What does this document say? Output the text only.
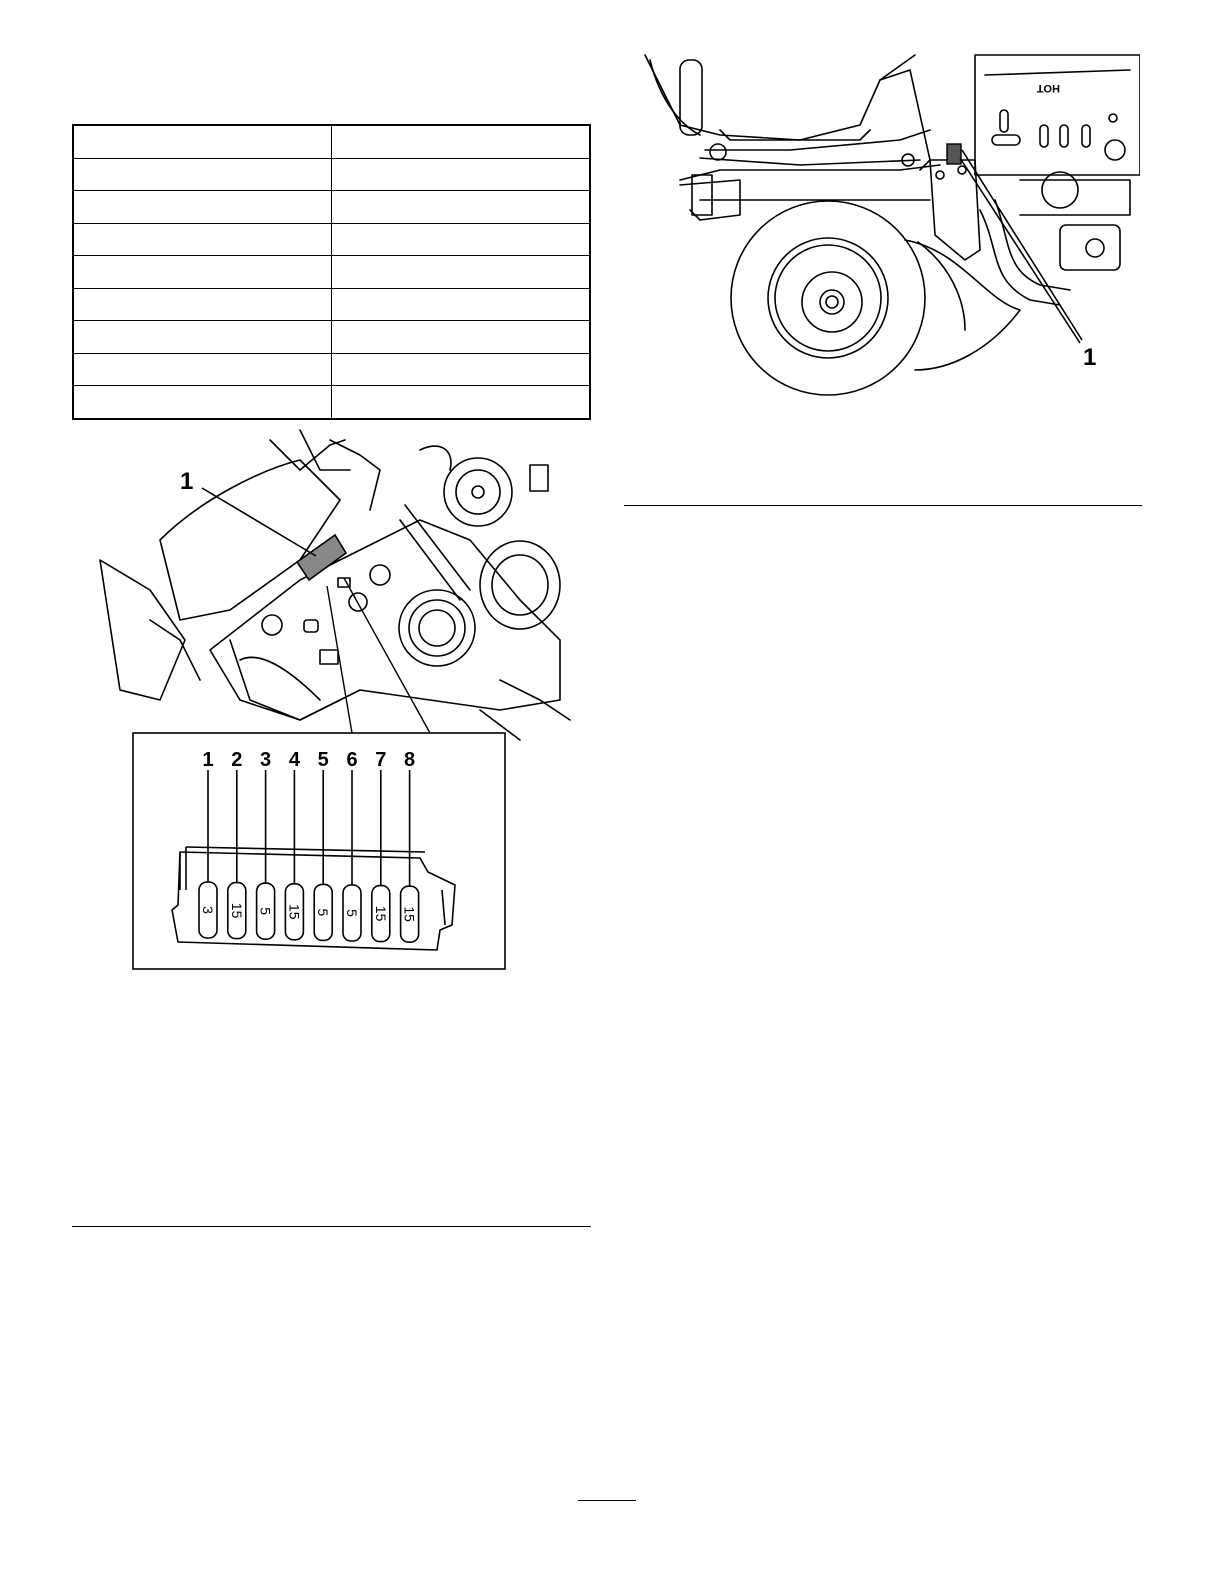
1
1
3
2
15
3
5
4
15
5
5
6
5
7
15
8
15
HOT
1
